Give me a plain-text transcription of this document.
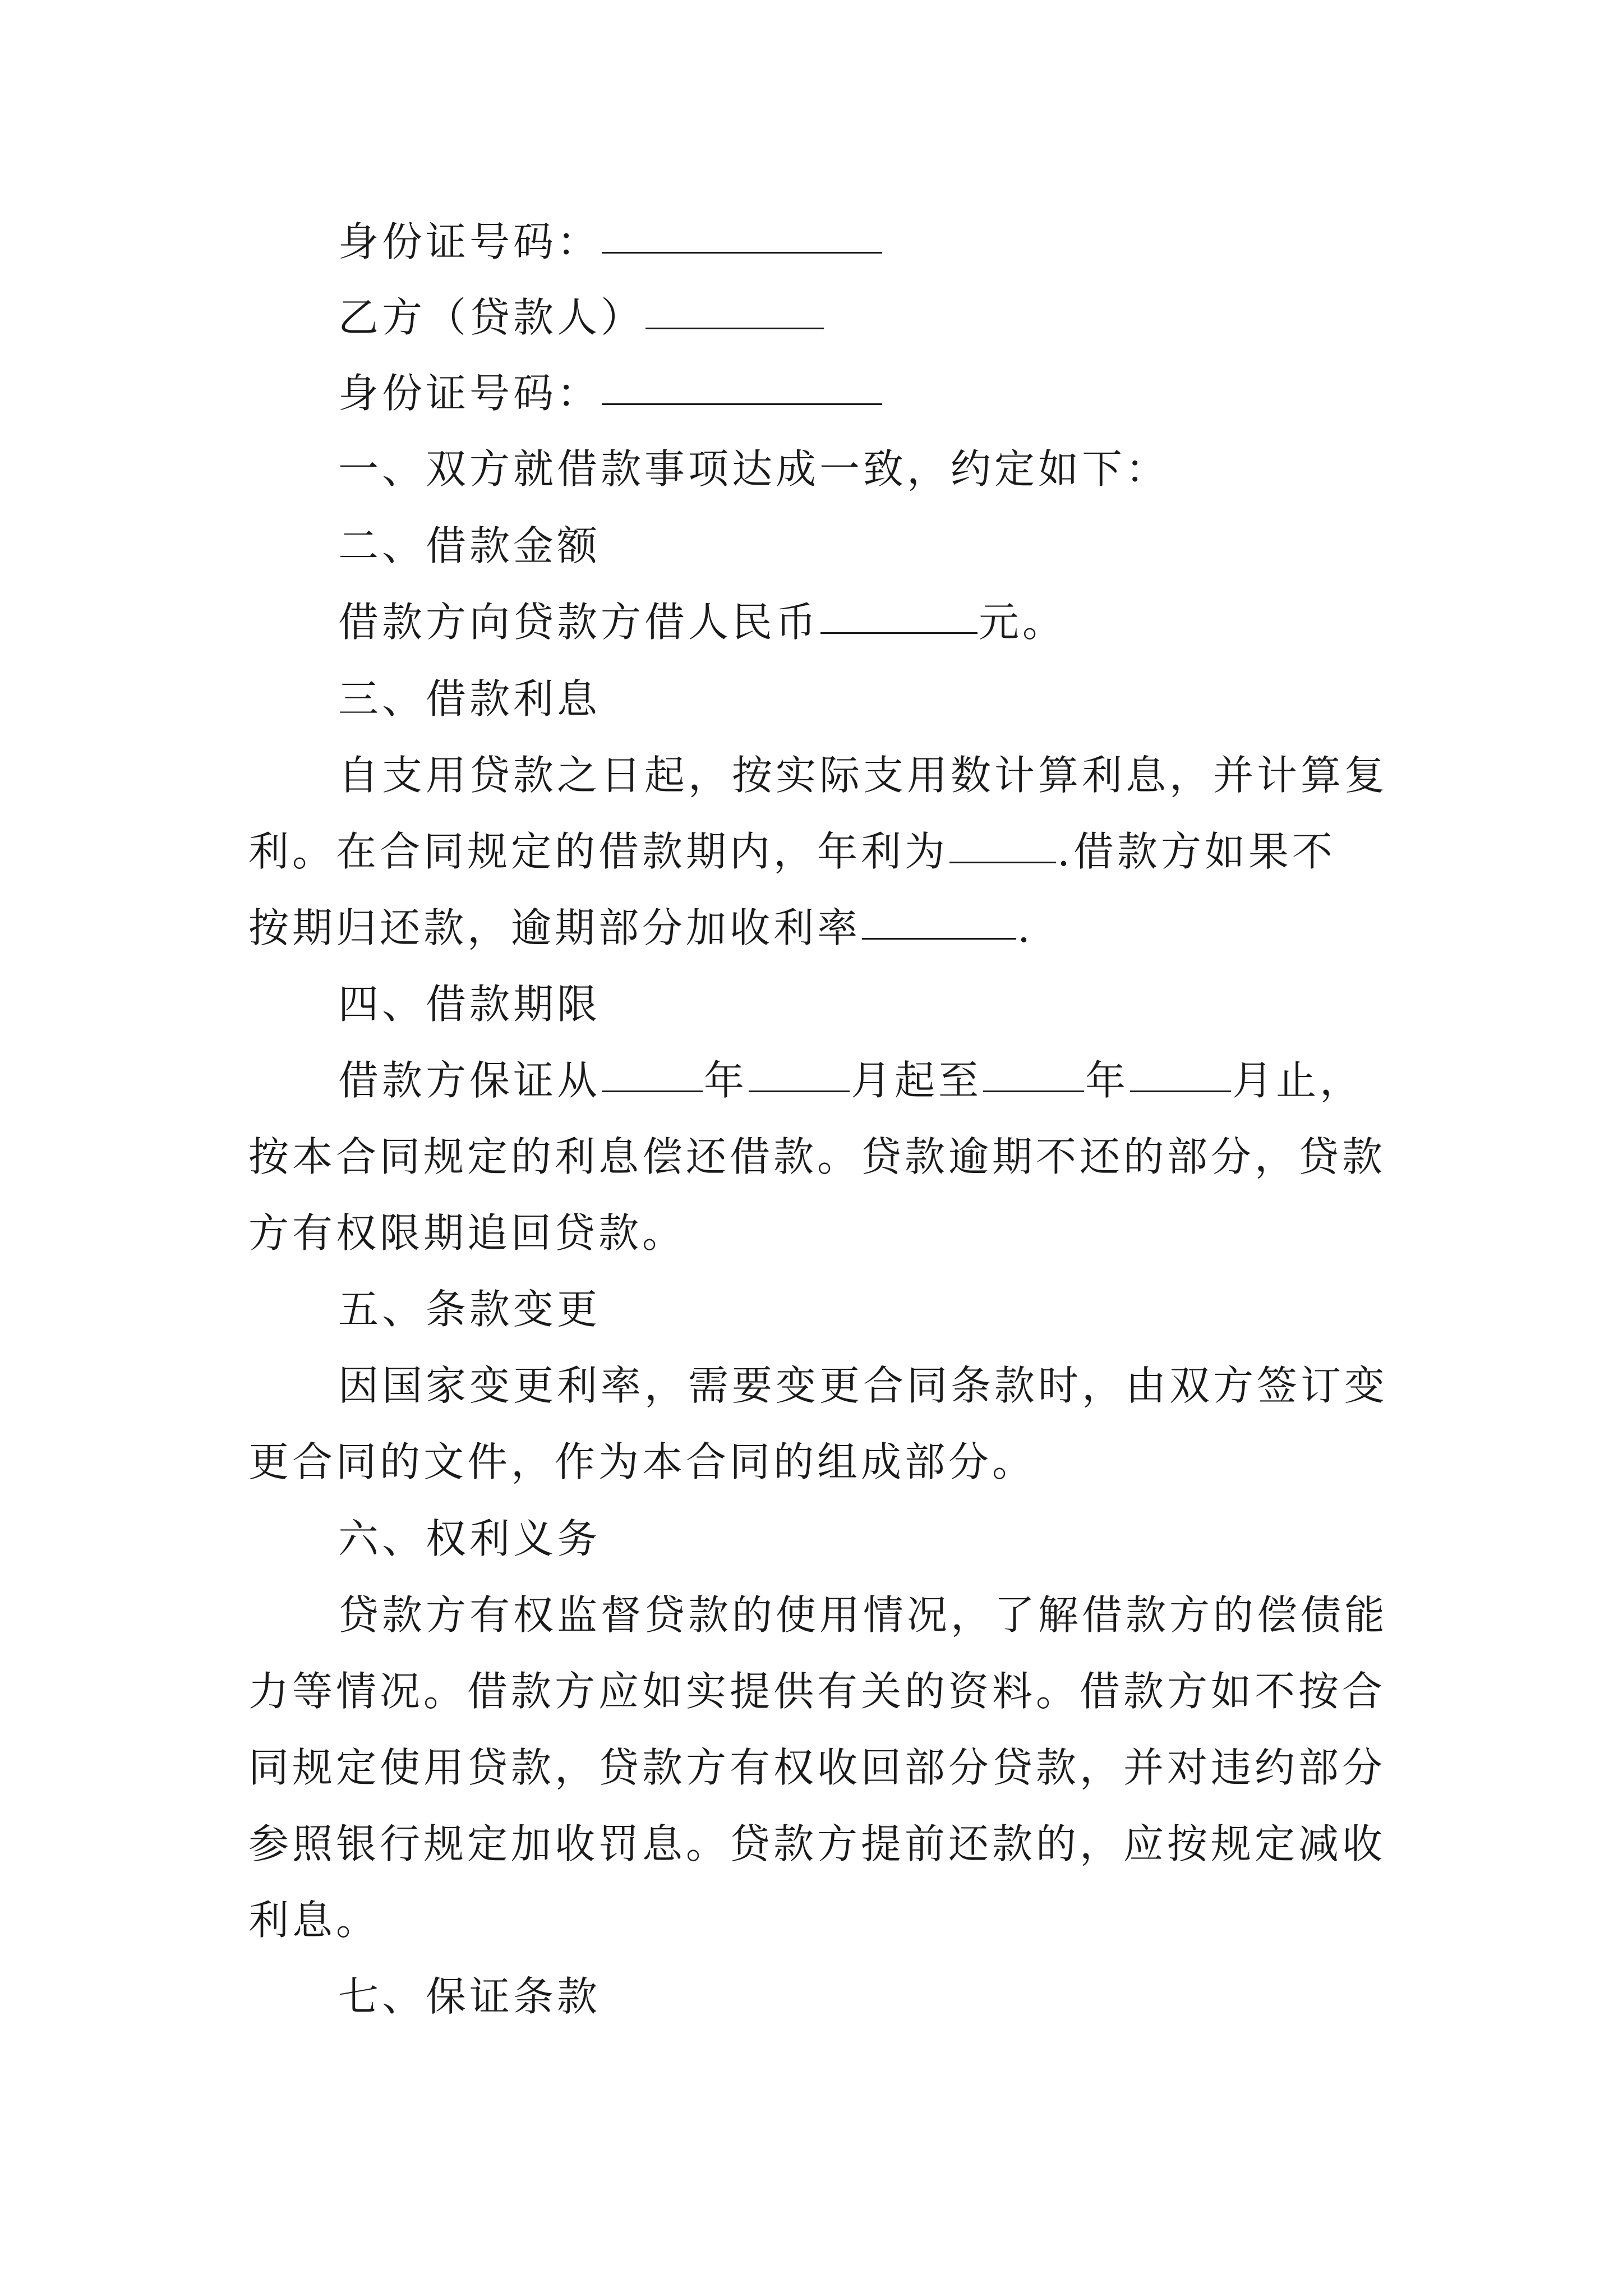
身份证号码：
乙方（贷款人）
身份证号码：
一、双方就借款事项达成一致，约定如下：
二、借款金额
借款方向贷款方借人民币	元。
三、借款利息
自支用贷款之日起，按实际支用数计算利息，并计算复
利。在合同规定的借款期内，年利为	.借款方如果不
按期归还款，逾期部分加收利率	.
四、借款期限
借款方保证从	年	月起至	年	月止，
按本合同规定的利息偿还借款。贷款逾期不还的部分，贷款
方有权限期追回贷款。
五、条款变更
因国家变更利率，需要变更合同条款时，由双方签订变
更合同的文件，作为本合同的组成部分。
六、权利义务
贷款方有权监督贷款的使用情况，了解借款方的偿债能
力等情况。借款方应如实提供有关的资料。借款方如不按合
同规定使用贷款，贷款方有权收回部分贷款，并对违约部分
参照银行规定加收罚息。贷款方提前还款的，应按规定减收
利息。
七、保证条款
